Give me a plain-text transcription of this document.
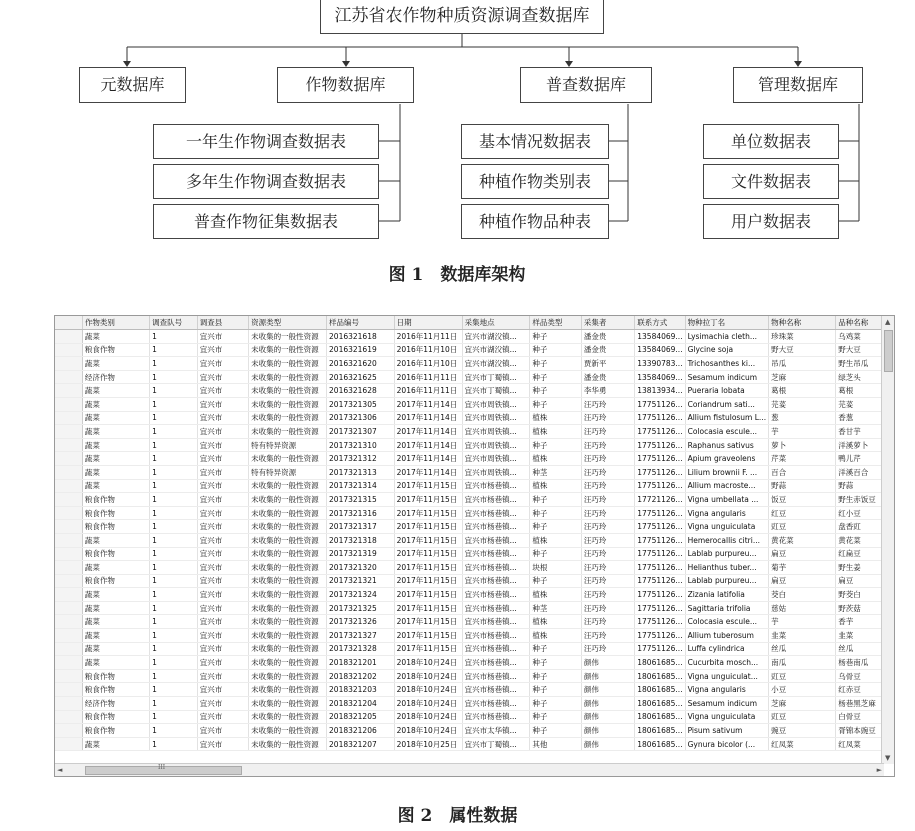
江苏省农作物种质资源调查数据库
元数据库	作物数据库	普查数据库	管理数据库
一年生作物调查数据表
多年生作物调查数据表
普查作物征集数据表
基本情况数据表
种植作物类别表
种植作物品种表
单位数据表
文件数据表
用户数据表
图 1　数据库架构
	作物类别	调查队号	调查县	资源类型	样品编号	日期	采集地点	样品类型	采集者	联系方式	物种拉丁名	物种名称	品种名称
	蔬菜	1	宜兴市	未收集的一般性资源	2016321618	2016年11月11日	宜兴市湖㳇镇...	种子	潘金贵	13584069...	Lysimachia cleth...	珍珠菜	乌鸡菜
	粮食作物	1	宜兴市	未收集的一般性资源	2016321619	2016年11月10日	宜兴市湖㳇镇...	种子	潘金贵	13584069...	Glycine soja	野大豆	野大豆
	蔬菜	1	宜兴市	未收集的一般性资源	2016321620	2016年11月10日	宜兴市湖㳇镇...	种子	贾新平	13390783...	Trichosanthes ki...	吊瓜	野生吊瓜
	经济作物	1	宜兴市	未收集的一般性资源	2016321625	2016年11月11日	宜兴市丁蜀镇...	种子	潘金贵	13584069...	Sesamum indicum	芝麻	绿芝头
	蔬菜	1	宜兴市	未收集的一般性资源	2016321628	2016年11月11日	宜兴市丁蜀镇...	种子	李华勇	13813934...	Pueraria lobata	葛根	葛根
	蔬菜	1	宜兴市	未收集的一般性资源	2017321305	2017年11月14日	宜兴市周铁镇...	种子	汪巧玲	17751126...	Coriandrum sati...	芫荽	芫荽
	蔬菜	1	宜兴市	未收集的一般性资源	2017321306	2017年11月14日	宜兴市周铁镇...	植株	汪巧玲	17751126...	Allium fistulosum L...	葱	香葱
	蔬菜	1	宜兴市	未收集的一般性资源	2017321307	2017年11月14日	宜兴市周铁镇...	植株	汪巧玲	17751126...	Colocasia escule...	芋	香甘芋
	蔬菜	1	宜兴市	特有特异资源	2017321310	2017年11月14日	宜兴市周铁镇...	种子	汪巧玲	17751126...	Raphanus sativus	萝卜	洋溪萝卜
	蔬菜	1	宜兴市	未收集的一般性资源	2017321312	2017年11月14日	宜兴市周铁镇...	植株	汪巧玲	17751126...	Apium graveolens	芹菜	鸭儿芹
	蔬菜	1	宜兴市	特有特异资源	2017321313	2017年11月14日	宜兴市周铁镇...	种茎	汪巧玲	17751126...	Lilium brownii F. ...	百合	洋溪百合
	蔬菜	1	宜兴市	未收集的一般性资源	2017321314	2017年11月15日	宜兴市杨巷镇...	植株	汪巧玲	17751126...	Allium macroste...	野蒜	野蒜
	粮食作物	1	宜兴市	未收集的一般性资源	2017321315	2017年11月15日	宜兴市杨巷镇...	种子	汪巧玲	17721126...	Vigna umbellata ...	饭豆	野生赤饭豆
	粮食作物	1	宜兴市	未收集的一般性资源	2017321316	2017年11月15日	宜兴市杨巷镇...	种子	汪巧玲	17751126...	Vigna angularis	红豆	红小豆
	粮食作物	1	宜兴市	未收集的一般性资源	2017321317	2017年11月15日	宜兴市杨巷镇...	种子	汪巧玲	17751126...	Vigna unguiculata	豇豆	盘香豇
	蔬菜	1	宜兴市	未收集的一般性资源	2017321318	2017年11月15日	宜兴市杨巷镇...	植株	汪巧玲	17751126...	Hemerocallis citri...	黄花菜	黄花菜
	粮食作物	1	宜兴市	未收集的一般性资源	2017321319	2017年11月15日	宜兴市杨巷镇...	种子	汪巧玲	17751126...	Lablab purpureu...	扁豆	红扁豆
	蔬菜	1	宜兴市	未收集的一般性资源	2017321320	2017年11月15日	宜兴市杨巷镇...	块根	汪巧玲	17751126...	Helianthus tuber...	菊芋	野生姜
	粮食作物	1	宜兴市	未收集的一般性资源	2017321321	2017年11月15日	宜兴市杨巷镇...	种子	汪巧玲	17751126...	Lablab purpureu...	扁豆	扁豆
	蔬菜	1	宜兴市	未收集的一般性资源	2017321324	2017年11月15日	宜兴市杨巷镇...	植株	汪巧玲	17751126...	Zizania latifolia	茭白	野茭白
	蔬菜	1	宜兴市	未收集的一般性资源	2017321325	2017年11月15日	宜兴市杨巷镇...	种茎	汪巧玲	17751126...	Sagittaria trifolia	慈姑	野茨菇
	蔬菜	1	宜兴市	未收集的一般性资源	2017321326	2017年11月15日	宜兴市杨巷镇...	植株	汪巧玲	17751126...	Colocasia escule...	芋	香芋
	蔬菜	1	宜兴市	未收集的一般性资源	2017321327	2017年11月15日	宜兴市杨巷镇...	植株	汪巧玲	17751126...	Allium tuberosum	韭菜	韭菜
	蔬菜	1	宜兴市	未收集的一般性资源	2017321328	2017年11月15日	宜兴市杨巷镇...	种子	汪巧玲	17751126...	Luffa cylindrica	丝瓜	丝瓜
	蔬菜	1	宜兴市	未收集的一般性资源	2018321201	2018年10月24日	宜兴市杨巷镇...	种子	颜伟	18061685...	Cucurbita mosch...	南瓜	杨巷南瓜
	粮食作物	1	宜兴市	未收集的一般性资源	2018321202	2018年10月24日	宜兴市杨巷镇...	种子	颜伟	18061685...	Vigna unguiculat...	豇豆	乌骨豆
	粮食作物	1	宜兴市	未收集的一般性资源	2018321203	2018年10月24日	宜兴市杨巷镇...	种子	颜伟	18061685...	Vigna angularis	小豆	红赤豆
	经济作物	1	宜兴市	未收集的一般性资源	2018321204	2018年10月24日	宜兴市杨巷镇...	种子	颜伟	18061685...	Sesamum indicum	芝麻	杨巷黑芝麻
	粮食作物	1	宜兴市	未收集的一般性资源	2018321205	2018年10月24日	宜兴市杨巷镇...	种子	颜伟	18061685...	Vigna unguiculata	豇豆	白骨豆
	粮食作物	1	宜兴市	未收集的一般性资源	2018321206	2018年10月24日	宜兴市太华镇...	种子	颜伟	18061685...	Pisum sativum	豌豆	胥锦本豌豆
	蔬菜	1	宜兴市	未收集的一般性资源	2018321207	2018年10月25日	宜兴市丁蜀镇...	其他	颜伟	18061685...	Gynura bicolor (...	红凤菜	红凤菜
▲
▼
◄	III	►
图 2　属性数据
